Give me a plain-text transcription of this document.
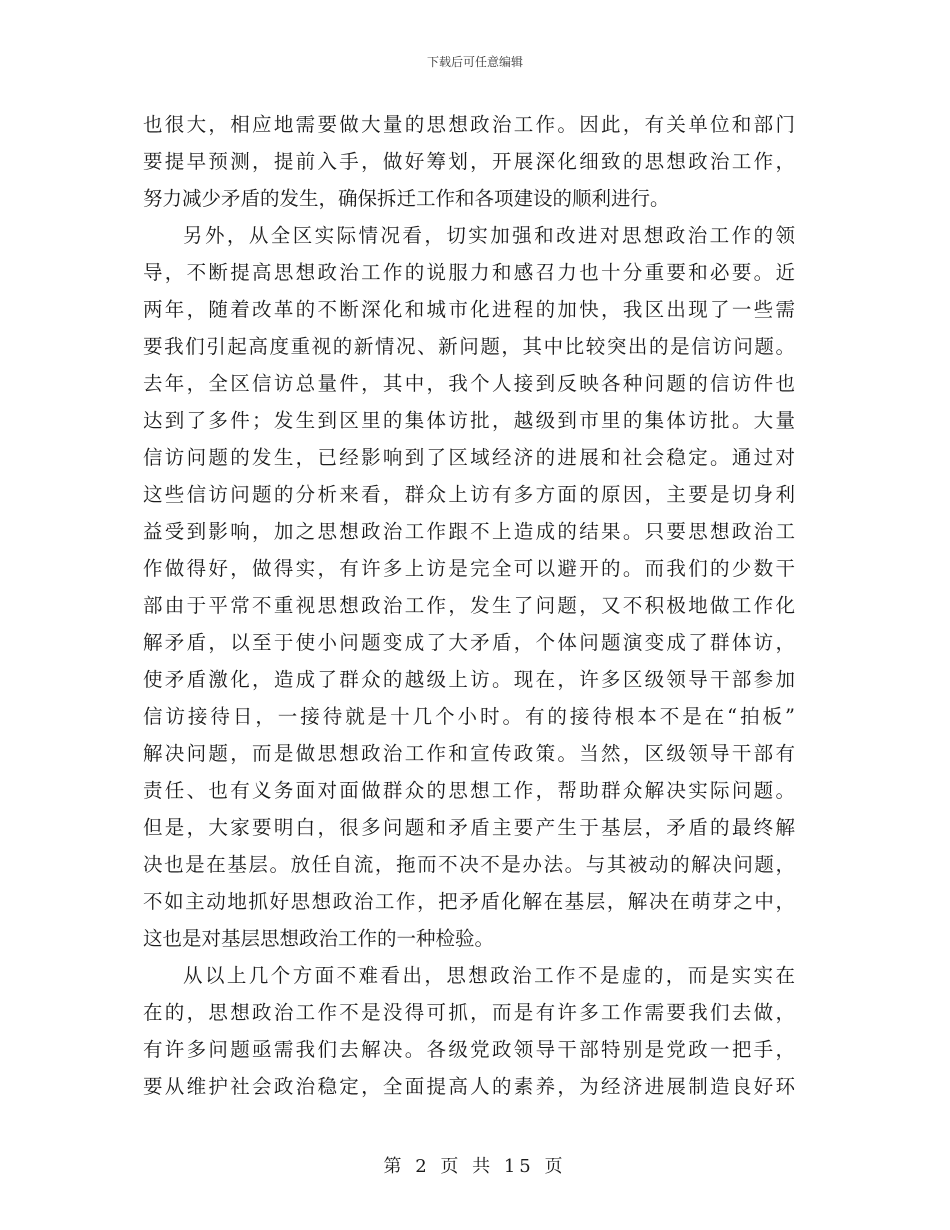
下载后可任意编辑
也很大，相应地需要做大量的思想政治工作。因此，有关单位和部门
要提早预测，提前入手，做好筹划，开展深化细致的思想政治工作，
努力减少矛盾的发生，确保拆迁工作和各项建设的顺利进行。
另外，从全区实际情况看，切实加强和改进对思想政治工作的领
导，不断提高思想政治工作的说服力和感召力也十分重要和必要。近
两年，随着改革的不断深化和城市化进程的加快，我区出现了一些需
要我们引起高度重视的新情况、新问题，其中比较突出的是信访问题。
去年，全区信访总量件，其中，我个人接到反映各种问题的信访件也
达到了多件；发生到区里的集体访批，越级到市里的集体访批。大量
信访问题的发生，已经影响到了区域经济的进展和社会稳定。通过对
这些信访问题的分析来看，群众上访有多方面的原因，主要是切身利
益受到影响，加之思想政治工作跟不上造成的结果。只要思想政治工
作做得好，做得实，有许多上访是完全可以避开的。而我们的少数干
部由于平常不重视思想政治工作，发生了问题，又不积极地做工作化
解矛盾，以至于使小问题变成了大矛盾，个体问题演变成了群体访，
使矛盾激化，造成了群众的越级上访。现在，许多区级领导干部参加
信访接待日，一接待就是十几个小时。有的接待根本不是在“拍板”
解决问题，而是做思想政治工作和宣传政策。当然，区级领导干部有
责任、也有义务面对面做群众的思想工作，帮助群众解决实际问题。
但是，大家要明白，很多问题和矛盾主要产生于基层，矛盾的最终解
决也是在基层。放任自流，拖而不决不是办法。与其被动的解决问题，
不如主动地抓好思想政治工作，把矛盾化解在基层，解决在萌芽之中，
这也是对基层思想政治工作的一种检验。
从以上几个方面不难看出，思想政治工作不是虚的，而是实实在
在的，思想政治工作不是没得可抓，而是有许多工作需要我们去做，
有许多问题亟需我们去解决。各级党政领导干部特别是党政一把手，
要从维护社会政治稳定，全面提高人的素养，为经济进展制造良好环
第 2 页 共 15 页
